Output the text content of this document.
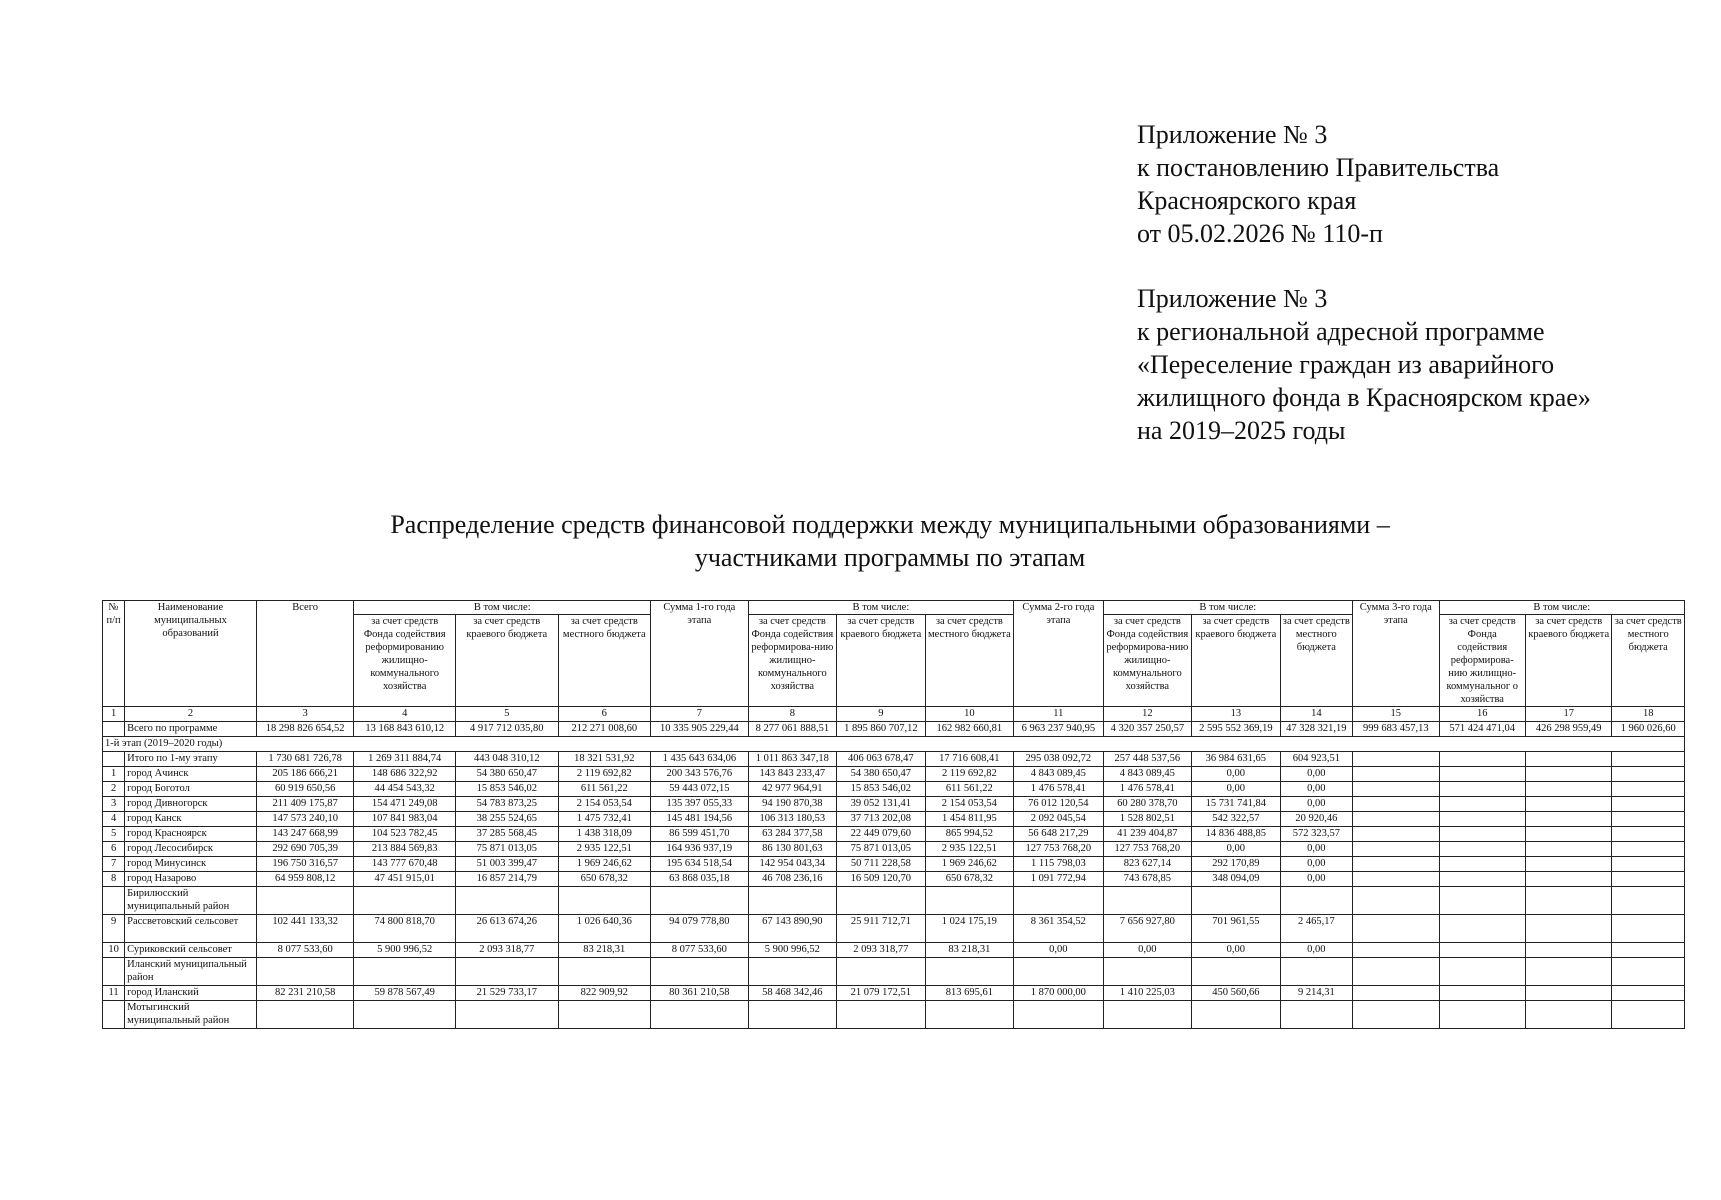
Приложение № 3
к постановлению Правительства
Красноярского края
от 05.02.2026 № 110-п
Приложение № 3
к региональной адресной программе
«Переселение граждан из аварийного
жилищного фонда в Красноярском крае»
на 2019–2025 годы
Распределение средств финансовой поддержки между муниципальными образованиями –
участниками программы по этапам
№ п/п	Наименование муниципальных образований	Всего	В том числе:			Сумма 1-го года этапа	В том числе:			Сумма 2-го года этапа	В том числе:			Сумма 3-го года этапа	В том числе:		
			за счет средств Фонда содействия реформированию жилищно-коммунального хозяйства	за счет средств краевого бюджета	за счет средств местного бюджета		за счет средств Фонда содействия реформирова-нию жилищно-коммунального хозяйства	за счет средств краевого бюджета	за счет средств местного бюджета		за счет средств Фонда содействия реформирова-нию жилищно-коммунального хозяйства	за счет средств краевого бюджета	за счет средств местного бюджета		за счет средств Фонда содействия реформирова-нию жилищно-коммунальног о хозяйства	за счет средств краевого бюджета	за счет средств местного бюджета
1	2	3	4	5	6	7	8	9	10	11	12	13	14	15	16	17	18
	Всего по программе	18 298 826 654,52	13 168 843 610,12	4 917 712 035,80	212 271 008,60	10 335 905 229,44	8 277 061 888,51	1 895 860 707,12	162 982 660,81	6 963 237 940,95	4 320 357 250,57	2 595 552 369,19	47 328 321,19	999 683 457,13	571 424 471,04	426 298 959,49	1 960 026,60
1-й этап (2019–2020 годы)																	
	Итого по 1-му этапу	1 730 681 726,78	1 269 311 884,74	443 048 310,12	18 321 531,92	1 435 643 634,06	1 011 863 347,18	406 063 678,47	17 716 608,41	295 038 092,72	257 448 537,56	36 984 631,65	604 923,51				
1	город Ачинск	205 186 666,21	148 686 322,92	54 380 650,47	2 119 692,82	200 343 576,76	143 843 233,47	54 380 650,47	2 119 692,82	4 843 089,45	4 843 089,45	0,00	0,00				
2	город Боготол	60 919 650,56	44 454 543,32	15 853 546,02	611 561,22	59 443 072,15	42 977 964,91	15 853 546,02	611 561,22	1 476 578,41	1 476 578,41	0,00	0,00				
3	город Дивногорск	211 409 175,87	154 471 249,08	54 783 873,25	2 154 053,54	135 397 055,33	94 190 870,38	39 052 131,41	2 154 053,54	76 012 120,54	60 280 378,70	15 731 741,84	0,00				
4	город Канск	147 573 240,10	107 841 983,04	38 255 524,65	1 475 732,41	145 481 194,56	106 313 180,53	37 713 202,08	1 454 811,95	2 092 045,54	1 528 802,51	542 322,57	20 920,46				
5	город Красноярск	143 247 668,99	104 523 782,45	37 285 568,45	1 438 318,09	86 599 451,70	63 284 377,58	22 449 079,60	865 994,52	56 648 217,29	41 239 404,87	14 836 488,85	572 323,57				
6	город Лесосибирск	292 690 705,39	213 884 569,83	75 871 013,05	2 935 122,51	164 936 937,19	86 130 801,63	75 871 013,05	2 935 122,51	127 753 768,20	127 753 768,20	0,00	0,00				
7	город Минусинск	196 750 316,57	143 777 670,48	51 003 399,47	1 969 246,62	195 634 518,54	142 954 043,34	50 711 228,58	1 969 246,62	1 115 798,03	823 627,14	292 170,89	0,00				
8	город Назарово	64 959 808,12	47 451 915,01	16 857 214,79	650 678,32	63 868 035,18	46 708 236,16	16 509 120,70	650 678,32	1 091 772,94	743 678,85	348 094,09	0,00				
	Бирилюсский муниципальный район																
9	Рассветовский сельсовет	102 441 133,32	74 800 818,70	26 613 674,26	1 026 640,36	94 079 778,80	67 143 890,90	25 911 712,71	1 024 175,19	8 361 354,52	7 656 927,80	701 961,55	2 465,17				
10	Суриковский сельсовет	8 077 533,60	5 900 996,52	2 093 318,77	83 218,31	8 077 533,60	5 900 996,52	2 093 318,77	83 218,31	0,00	0,00	0,00	0,00				
	Иланский муниципальный район																
11	город Иланский	82 231 210,58	59 878 567,49	21 529 733,17	822 909,92	80 361 210,58	58 468 342,46	21 079 172,51	813 695,61	1 870 000,00	1 410 225,03	450 560,66	9 214,31				
	Мотыгинский муниципальный район																
